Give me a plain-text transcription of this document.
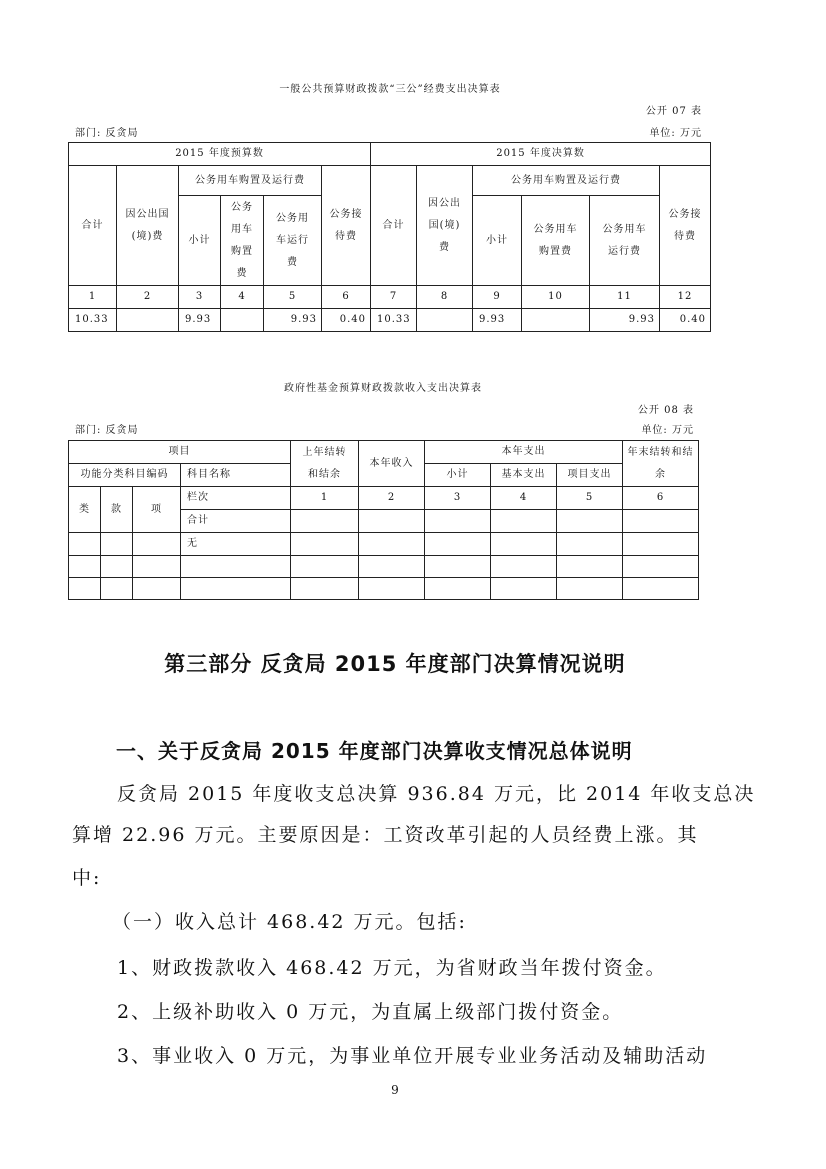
一般公共预算财政拨款“三公”经费支出决算表
公开 07 表
部门: 反贪局	单位: 万元
2015 年度预算数						2015 年度决算数					
合计	因公出国(境)费	公务用车购置及运行费			公务接待费	合计	因公出国(境)费	公务用车购置及运行费			公务接待费
		小计	公务用车购置费	公务用车运行费				小计	公务用车购置费	公务用车运行费	
1	2	3	4	5	6	7	8	9	10	11	12
10.33		9.93		9.93	0.40	10.33		9.93		9.93	0.40
政府性基金预算财政拨款收入支出决算表
公开 08 表
部门: 反贪局	单位: 万元
项目				上年结转和结余	本年收入	本年支出			年末结转和结余
功能分类科目编码			科目名称			小计	基本支出	项目支出	
类	款	项	栏次	1	2	3	4	5	6
			合计						
			无						

第三部分 反贪局 2015 年度部门决算情况说明
一、关于反贪局 2015 年度部门决算收支情况总体说明
反贪局 2015 年度收支总决算 936.84 万元，比 2014 年收支总决
算增 22.96 万元。主要原因是：工资改革引起的人员经费上涨。其
中:
（一）收入总计 468.42 万元。包括:
1、财政拨款收入 468.42 万元，为省财政当年拨付资金。
2、上级补助收入 0 万元，为直属上级部门拨付资金。
3、事业收入 0 万元，为事业单位开展专业业务活动及辅助活动
9
